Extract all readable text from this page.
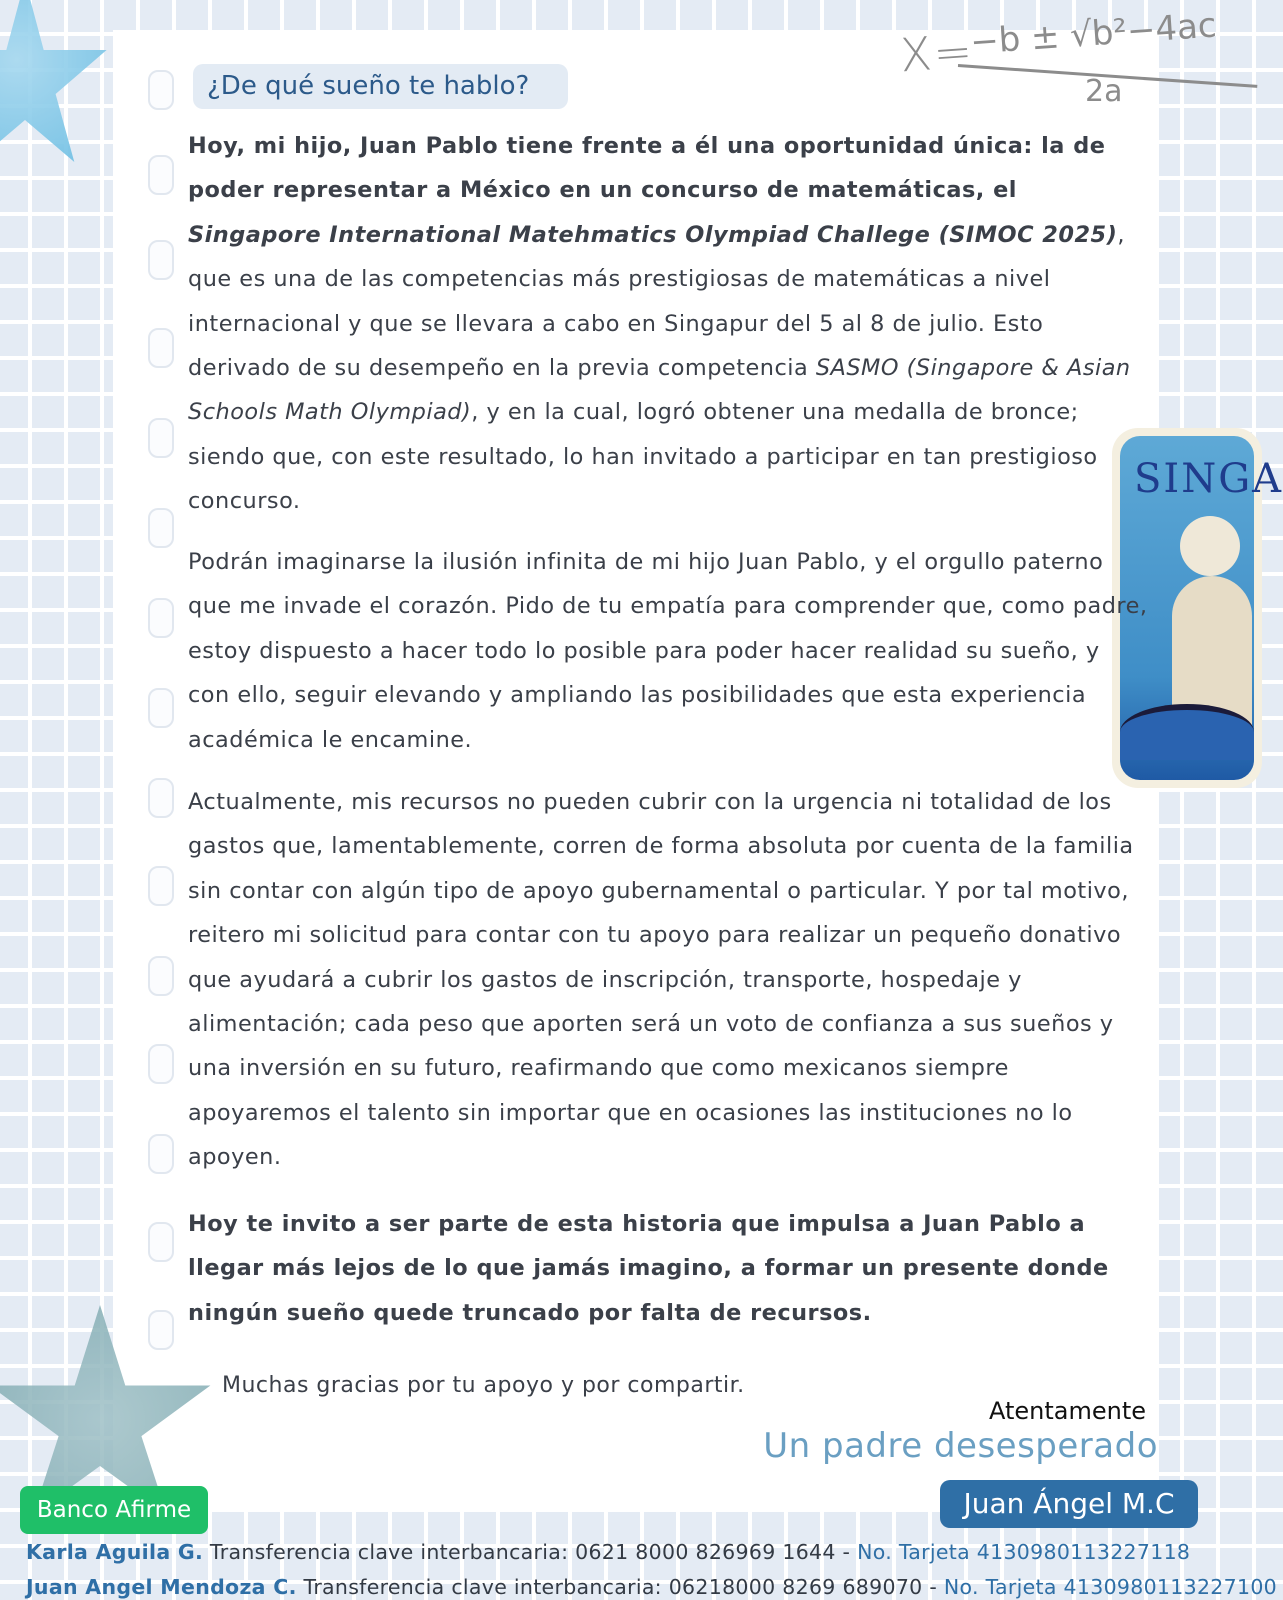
X=
−b ± √b²−4ac
2a
SINGA
¿De qué sueño te hablo?

Hoy, mi hijo, Juan Pablo tiene frente a él una oportunidad única: la de poder representar a México en un concurso de matemáticas, el Singapore International Matehmatics Olympiad Challege (SIMOC 2025), que es una de las competencias más prestigiosas de matemáticas a nivel internacional y que se llevara a cabo en Singapur del 5 al 8 de julio. Esto derivado de su desempeño en la previa competencia SASMO (Singapore & Asian Schools Math Olympiad), y en la cual, logró obtener una medalla de bronce; siendo que, con este resultado, lo han invitado a participar en tan prestigioso concurso.

Podrán imaginarse la ilusión infinita de mi hijo Juan Pablo, y el orgullo paterno que me invade el corazón. Pido de tu empatía para comprender que, como padre, estoy dispuesto a hacer todo lo posible para poder hacer realidad su sueño, y con ello, seguir elevando y ampliando las posibilidades que esta experiencia académica le encamine.

Actualmente, mis recursos no pueden cubrir con la urgencia ni totalidad de los gastos que, lamentablemente, corren de forma absoluta por cuenta de la familia sin contar con algún tipo de apoyo gubernamental o particular. Y por tal motivo, reitero mi solicitud para contar con tu apoyo para realizar un pequeño donativo que ayudará a cubrir los gastos de inscripción, transporte, hospedaje y alimentación; cada peso que aporten será un voto de confianza a sus sueños y una inversión en su futuro, reafirmando que como mexicanos siempre apoyaremos el talento sin importar que en ocasiones las instituciones no lo apoyen.

Hoy te invito a ser parte de esta historia que impulsa a Juan Pablo a llegar más lejos de lo que jamás imagino, a formar un presente donde ningún sueño quede truncado por falta de recursos.

Muchas gracias por tu apoyo y por compartir.
Atentamente
Un padre desesperado
Juan Ángel M.C
Banco Afirme
Karla Aguila G. Transferencia clave interbancaria: 0621 8000 826969 1644 - No. Tarjeta 4130980113227118
Juan Angel Mendoza C. Transferencia clave interbancaria: 06218000 8269 689070 - No. Tarjeta 4130980113227100
